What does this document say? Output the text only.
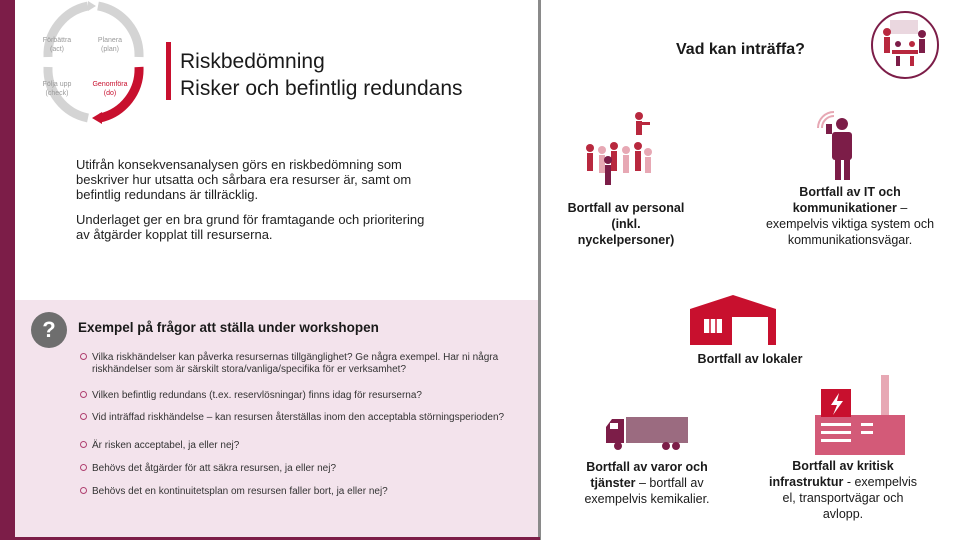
Förbättra (act)
Planera (plan)
Följa upp (check)
Genomföra (do)
Riskbedömning
Risker och befintlig redundans

Utifrån konsekvensanalysen görs en riskbedömning som beskriver hur utsatta och sårbara era resurser är, samt om befintlig redundans är tillräcklig.

Underlaget ger en bra grund för framtagande och prioritering av åtgärder kopplat till resurserna.

?	Exempel på frågor att ställa under workshopen
Vilka riskhändelser kan påverka resursernas tillgänglighet? Ge några exempel. Har ni några riskhändelser som är särskilt stora/vanliga/specifika för er verksamhet?
Vilken befintlig redundans (t.ex. reservlösningar) finns idag för resurserna?
Vid inträffad riskhändelse – kan resursen återställas inom den acceptabla störningsperioden?
Är risken acceptabel, ja eller nej?
Behövs det åtgärder för att säkra resursen, ja eller nej?
Behövs det en kontinuitetsplan om resursen faller bort, ja eller nej?
Vad kan inträffa?
Bortfall av personal (inkl. nyckelpersoner)
Bortfall av IT och kommunikationer – exempelvis viktiga system och kommunikationsvägar.
Bortfall av lokaler
Bortfall av varor och tjänster – bortfall av exempelvis kemikalier.
Bortfall av kritisk infrastruktur - exempelvis el, transportvägar och avlopp.
